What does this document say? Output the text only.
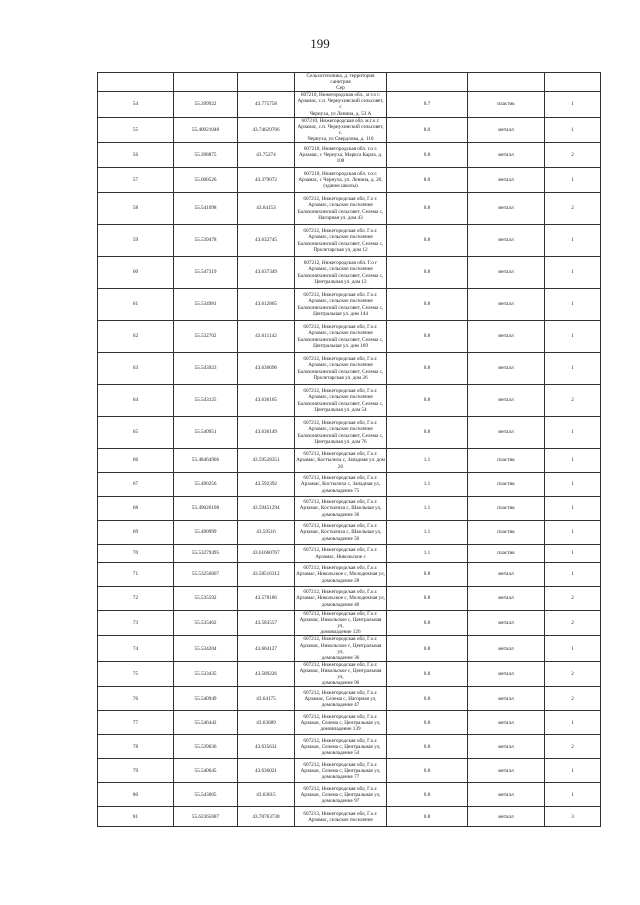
199

			Сельхозтехника, д. территория санитрия
Сер			

54	55.399922	43.775758	607210, Нижегородская обл., м г.о г.
Арзамас, с.п. Чернухинский сельсовет, с
Чернуха, ул Ленина, д. 53 А	0.7	пластик	1
55	55.40021048	43.74629766	607210, Нижегородская обл. м.г.о г.
Арзамас, с.п. Чернухинский сельсовет, с.
Чернуха, ул Свердлова, д. 110	8.0	металл	1
56	55.398875	43.75274	607210, Нижегородская обл. г.о г.
Арзамас, с Чернуха, Маркса Карла, д.
108	0.8	металл	2
57	55.600526	43.379072	607210, Нижегородская обл. г.о.г.
Арзамас, с Чернуха, ул. Ленина, д. 26,
(здание школы)	8.0	металл	1
58	55.541098	43.64153	607212, Нижегородская обл, Г.о г.
Арзамас, сельское поселение
Балахонихинский сельсовет, Селема с,
Нагорная ул. дом 43	0.8	металл	2
59	55.539478	43.632745	607212, Нижегородская обл. Г.о.г.
Арзамас, сельское поселение
Балахонихинский сельсовет, Селема с,
Пролетарская ул, дом 12	0.8	металл	1
60	55.547319	43.637349	607212, Нижегородская обл. Г.о г
Арзамас, сельское поселение
Балахонихинский сельсовет, Селема с,
Центральная ул. дом 12	0.8	металл	1
61	55.534981	43.612865	607212, Нижегородская обл. Г.о.г.
Арзамас, сельское поселение
Балахонихинский сельсовет, Селема с,
Центральная ул. дом 144	0.8	металл	1
62	55.532702	43.611142	607212, Нижегородская обл, Г.о.г.
Арзамас, сельское поселение
Балахонихинский сельсовет, Селема с,
Центральная ул. дом 169	0.8	металл	1
63	55.543923	43.636696	607212, Нижегородская обл, Г.о.г.
Арзамас, сельское поселение
Балахонихинский сельсовет, Селема с,
Пролетарская ул. дом 26	0.8	металл	1
64	55.543125	43.636165	607212, Нижегородская обл, Г.о.г.
Арзамас, сельское поселение
Балахонихинский сельсовет, Селема с,
Центральная ул. дом 54	0.8	металл	2
65	55.540951	43.636149	607212, Нижегородская обл, Г.о.г.
Арзамас, сельское поселение
Балахонихинский сельсовет, Селема с,
Центральная ул. дом 76	0.8	металл	1
66	55.48464966	43.59528351	607212, Нижегородская обл, Г.о.г.
Арзамас, Костылиха с, Западная ул. дом
20	1.1	пластик	1
67	55.490256	43.592392	607212, Нижегородская обл, Г.о.г.
Арзамас, Костылиха с, Западная ул,
домовладение 75	1.1	пластик	1
68	55.49026108	43.59451294	607212, Нижегородская обл, Г.о.г.
Арзамас, Костылиха с, Школьная ул,
домовладение 36	1.1	пластик	1
69	55.490999	43.59516	607212, Нижегородская обл, Г.о.г.
Арзамас, Костылиха с, Школьная ул,
домовладение 50	1.1	пластик	1
70	55.53279495	43.61660767	607212, Нижегородская обл, Г.о.г.
Арзамас, Никольское с	1.1	пластик	1
71	55.53256607	43.58516312	607212, Нижегородская обл, Г.о.г.
Арзамас, Никольское с, Молодежная ул,
домовладение 28	0.8	металл	1
72	55.535592	43.578186	607212, Нижегородская обл, Г.о.г.
Арзамас, Никольское с, Молодежная ул,
домовладение 40	0.8	металл	2
73	55.535462	43.583557	607212, Нижегородская обл, Г.о.г.
Арзамас, Никольское с, Центральная ул,
домовладение 126	0.8	металл	2
74	55.534204	43.604127	607212, Нижегородская обл, Г.о.г.
Арзамас, Никольское с, Центральная ул,
домовладение 36	0.8	металл	1
75	55.533435	43.589226	607212, Нижегородская обл, Г.о.г.
Арзамас, Никольское с, Центральная ул,
домовладение 96	0.8	металл	2
76	55.540949	43.64175	607212, Нижегородская обл, Г.о.г.
Арзамас, Селема с, Нагорная ул,
домовладение 47	0.8	металл	2
77	55.546442	43.63689	607212, Нижегородская обл, Г.о.г.
Арзамас, Селема с, Центральная ул,
домовладение 139	0.8	металл	1
78	55.539036	43.635631	607212, Нижегородская обл, Г.о.г.
Арзамас, Селема с, Центральная ул,
домовладение 54	0.8	металл	2
79	55.540645	43.636021	607212, Нижегородская обл, Г.о.г.
Арзамас, Селема с, Центральная ул,
домовладение 77	0.8	металл	1
80	55.543005	43.63615	607212, Нижегородская обл, Г.о.г.
Арзамас, Селема с, Центральная ул,
домовладение 97	0.8	металл	1
81	55.62365687	43.70763738	607213, Нижегородская обл, Г.о.г.
Арзамас, сельское поселение	0.8	металл	3
